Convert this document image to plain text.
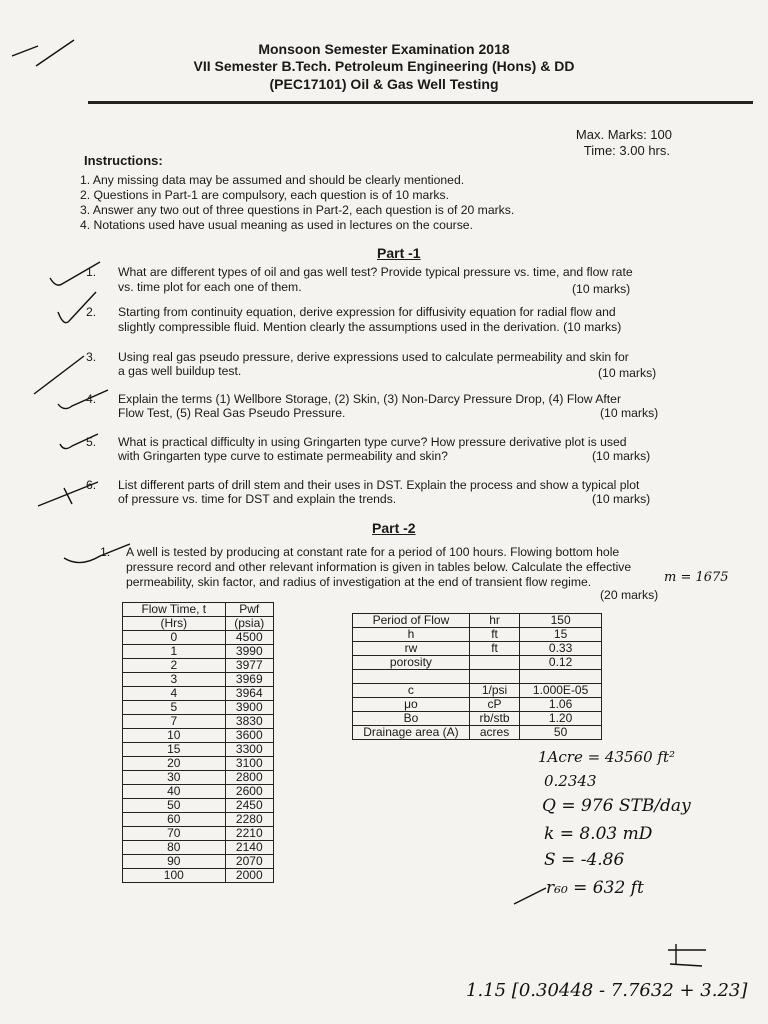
Monsoon Semester Examination 2018
VII Semester B.Tech. Petroleum Engineering (Hons) & DD
(PEC17101) Oil & Gas Well Testing
Max. Marks: 100
Time: 3.00 hrs.
Instructions:
1. Any missing data may be assumed and should be clearly mentioned.
2. Questions in Part-1 are compulsory, each question is of 10 marks.
3. Answer any two out of three questions in Part-2, each question is of 20 marks.
4. Notations used have usual meaning as used in lectures on the course.
Part -1
1. What are different types of oil and gas well test? Provide typical pressure vs. time, and flow rate
vs. time plot for each one of them.	(10 marks)
2. Starting from continuity equation, derive expression for diffusivity equation for radial flow and
slightly compressible fluid. Mention clearly the assumptions used in the derivation. (10 marks)
3. Using real gas pseudo pressure, derive expressions used to calculate permeability and skin for
a gas well buildup test.	(10 marks)
4. Explain the terms (1) Wellbore Storage, (2) Skin, (3) Non-Darcy Pressure Drop, (4) Flow After
Flow Test, (5) Real Gas Pseudo Pressure.	(10 marks)
5. What is practical difficulty in using Gringarten type curve? How pressure derivative plot is used
with Gringarten type curve to estimate permeability and skin?	(10 marks)
6. List different parts of drill stem and their uses in DST. Explain the process and show a typical plot
of pressure vs. time for DST and explain the trends.	(10 marks)
Part -2
1. A well is tested by producing at constant rate for a period of 100 hours. Flowing bottom hole
pressure record and other relevant information is given in tables below. Calculate the effective
permeability, skin factor, and radius of investigation at the end of transient flow regime.
(20 marks)
m = 1675
Flow Time, t	Pwf
(Hrs)	(psia)
0	4500
1	3990
2	3977
3	3969
4	3964
5	3900
7	3830
10	3600
15	3300
20	3100
30	2800
40	2600
50	2450
60	2280
70	2210
80	2140
90	2070
100	2000
Period of Flow	hr	150
h	ft	15
rw	ft	0.33
porosity		0.12

c	1/psi	1.000E-05
μo	cP	1.06
Bo	rb/stb	1.20
Drainage area (A)	acres	50
1Acre = 43560 ft²
0.2343
Q = 976 STB/day
k = 8.03 mD
S = -4.86
r₆₀ = 632 ft
1.15 [0.30448 - 7.7632 + 3.23]
